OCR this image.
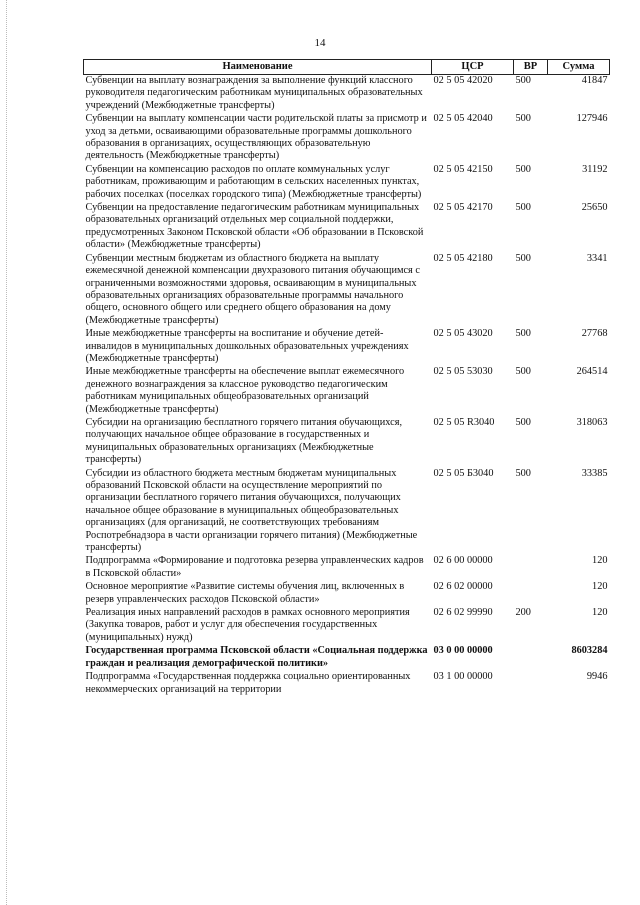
14
Наименование	ЦСР	ВР	Сумма
Субвенции на выплату вознаграждения за выполнение функций классного руководителя педагогическим работникам муниципальных образовательных учреждений (Межбюджетные трансферты)	02 5 05 42020	500	41847
Субвенции на выплату компенсации части родительской платы за присмотр и уход за детьми, осваивающими образовательные программы дошкольного образования в организациях, осуществляющих образовательную деятельность (Межбюджетные трансферты)	02 5 05 42040	500	127946
Субвенции на компенсацию расходов по оплате коммунальных услуг работникам, проживающим и работающим в сельских населенных пунктах, рабочих поселках (поселках городского типа) (Межбюджетные трансферты)	02 5 05 42150	500	31192
Субвенции на предоставление педагогическим работникам муниципальных образовательных организаций отдельных мер социальной поддержки, предусмотренных Законом Псковской области «Об образовании в Псковской области» (Межбюджетные трансферты)	02 5 05 42170	500	25650
Субвенции местным бюджетам из областного бюджета на выплату ежемесячной денежной компенсации двухразового питания обучающимся с ограниченными возможностями здоровья, осваивающим в муниципальных образовательных организациях образовательные программы начального общего, основного общего или среднего общего образования на дому (Межбюджетные трансферты)	02 5 05 42180	500	3341
Иные межбюджетные трансферты на воспитание и обучение детей-инвалидов в муниципальных дошкольных образовательных учреждениях (Межбюджетные трансферты)	02 5 05 43020	500	27768
Иные межбюджетные трансферты на обеспечение выплат ежемесячного денежного вознаграждения за классное руководство педагогическим работникам муниципальных общеобразовательных организаций (Межбюджетные трансферты)	02 5 05 53030	500	264514
Субсидии на организацию бесплатного горячего питания обучающихся, получающих начальное общее образование в государственных и муниципальных образовательных организациях (Межбюджетные трансферты)	02 5 05 R3040	500	318063
Субсидии из областного бюджета местным бюджетам муниципальных образований Псковской области на осуществление мероприятий по организации бесплатного горячего питания обучающихся, получающих начальное общее образование в муниципальных общеобразовательных организациях (для организаций, не соответствующих требованиям Роспотребнадзора в части организации горячего питания) (Межбюджетные трансферты)	02 5 05 Б3040	500	33385
Подпрограмма «Формирование и подготовка резерва управленческих кадров в Псковской области»	02 6 00 00000		120
Основное мероприятие «Развитие системы обучения лиц, включенных в резерв управленческих расходов Псковской области»	02 6 02 00000		120
Реализация иных направлений расходов в рамках основного мероприятия (Закупка товаров, работ и услуг для обеспечения государственных (муниципальных) нужд)	02 6 02 99990	200	120
Государственная программа Псковской области «Социальная поддержка граждан и реализация демографической политики»	03 0 00 00000		8603284
Подпрограмма «Государственная поддержка социально ориентированных некоммерческих организаций на территории	03 1 00 00000		9946
